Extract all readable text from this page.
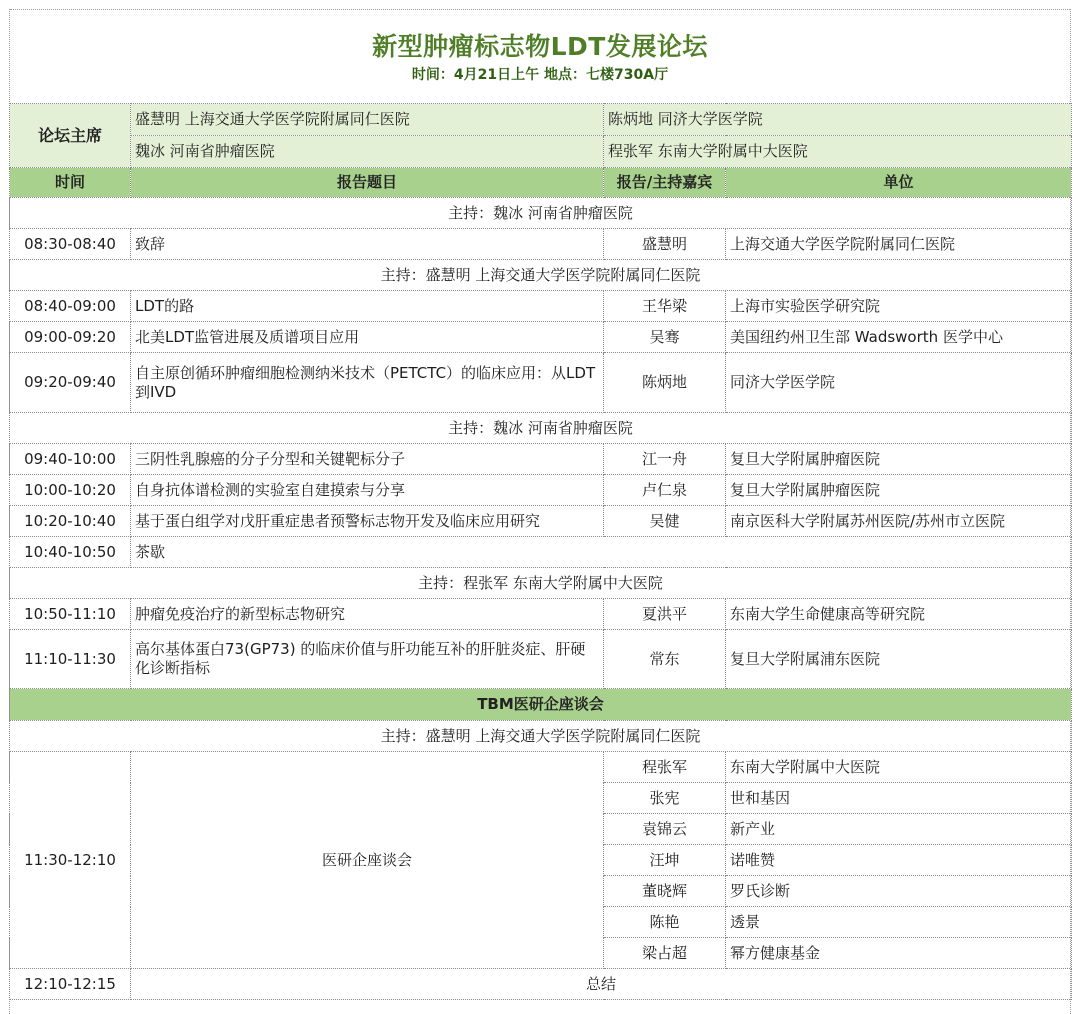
新型肿瘤标志物LDT发展论坛
时间：4月21日上午 地点：七楼730A厅
论坛主席	盛慧明 上海交通大学医学院附属同仁医院	陈炳地 同济大学医学院	
	魏冰 河南省肿瘤医院	程张军 东南大学附属中大医院	
时间	报告题目	报告/主持嘉宾	单位
主持：魏冰 河南省肿瘤医院			
08:30-08:40	致辞	盛慧明	上海交通大学医学院附属同仁医院
主持：盛慧明 上海交通大学医学院附属同仁医院			
08:40-09:00	LDT的路	王华梁	上海市实验医学研究院
09:00-09:20	北美LDT监管进展及质谱项目应用	吴骞	美国纽约州卫生部 Wadsworth 医学中心
09:20-09:40	自主原创循环肿瘤细胞检测纳米技术（PETCTC）的临床应用：从LDT到IVD	陈炳地	同济大学医学院
主持：魏冰 河南省肿瘤医院			
09:40-10:00	三阴性乳腺癌的分子分型和关键靶标分子	江一舟	复旦大学附属肿瘤医院
10:00-10:20	自身抗体谱检测的实验室自建摸索与分享	卢仁泉	复旦大学附属肿瘤医院
10:20-10:40	基于蛋白组学对戊肝重症患者预警标志物开发及临床应用研究	吴健	南京医科大学附属苏州医院/苏州市立医院
10:40-10:50	茶歇		
主持：程张军 东南大学附属中大医院			
10:50-11:10	肿瘤免疫治疗的新型标志物研究	夏洪平	东南大学生命健康高等研究院
11:10-11:30	高尔基体蛋白73(GP73) 的临床价值与肝功能互补的肝脏炎症、肝硬化诊断指标	常东	复旦大学附属浦东医院
TBM医研企座谈会			
主持：盛慧明 上海交通大学医学院附属同仁医院			
11:30-12:10	医研企座谈会	程张军	东南大学附属中大医院
		张宪	世和基因
		袁锦云	新产业
		汪坤	诺唯赞
		董晓辉	罗氏诊断
		陈艳	透景
		梁占超	幂方健康基金
12:10-12:15	总结		
